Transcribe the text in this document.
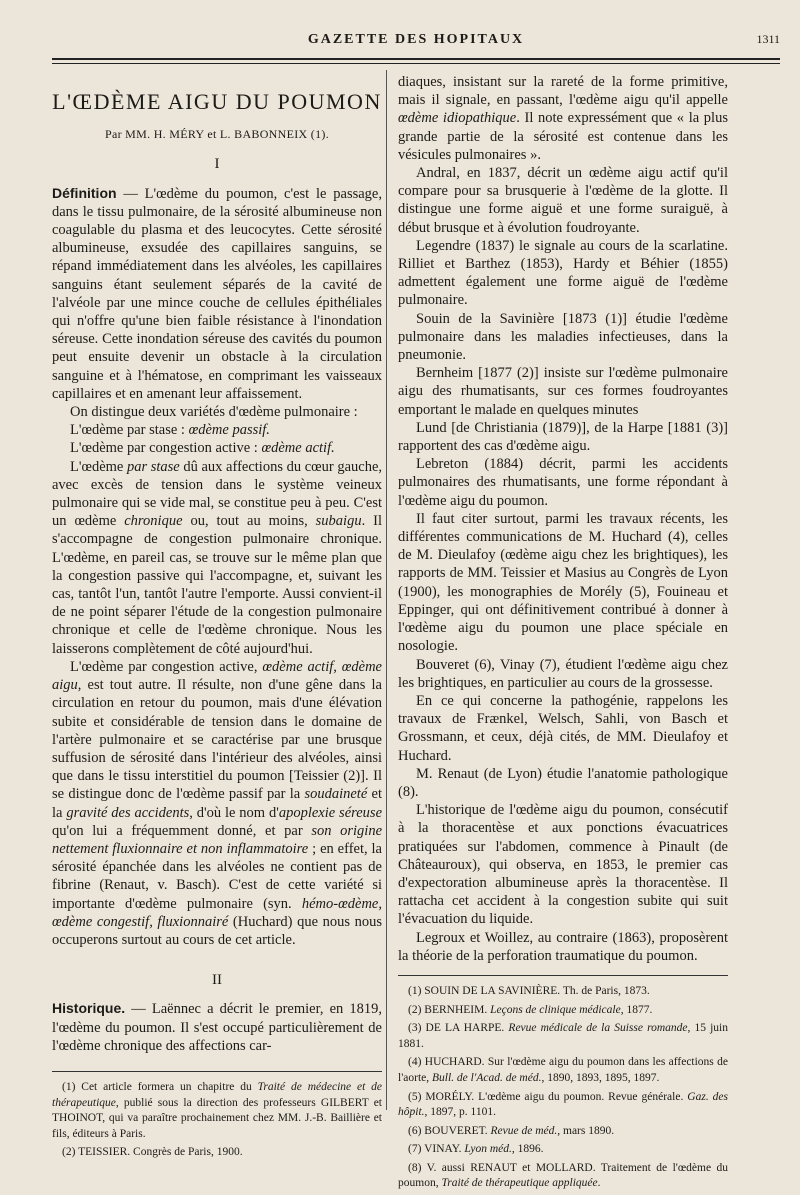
GAZETTE DES HOPITAUX	1311
L'ŒDÈME AIGU DU POUMON
Par MM. H. MÉRY et L. BABONNEIX (1).
I

Définition — L'œdème du poumon, c'est le passage, dans le tissu pulmonaire, de la sérosité albumineuse non coagulable du plasma et des leucocytes. Cette sérosité albumineuse, exsudée des capillaires sanguins, se répand immédiatement dans les alvéoles, les capillaires sanguins étant seulement séparés de la cavité de l'alvéole par une mince couche de cellules épithéliales qui n'offre qu'une bien faible résistance à l'inondation séreuse. Cette inondation séreuse des cavités du poumon peut ensuite devenir un obstacle à la circulation sanguine et à l'hématose, en comprimant les vaisseaux capillaires et en amenant leur affaissement.

On distingue deux variétés d'œdème pulmonaire :

L'œdème par stase : œdème passif.

L'œdème par congestion active : œdème actif.

L'œdème par stase dû aux affections du cœur gauche, avec excès de tension dans le système veineux pulmonaire qui se vide mal, se constitue peu à peu. C'est un œdème chronique ou, tout au moins, subaigu. Il s'accompagne de congestion pulmonaire chronique. L'œdème, en pareil cas, se trouve sur le même plan que la congestion passive qui l'accompagne, et, suivant les cas, tantôt l'un, tantôt l'autre l'emporte. Aussi convient-il de ne point séparer l'étude de la congestion pulmonaire chronique et celle de l'œdème chronique. Nous les laisserons complètement de côté aujourd'hui.

L'œdème par congestion active, œdème actif, œdème aigu, est tout autre. Il résulte, non d'une gêne dans la circulation en retour du poumon, mais d'une élévation subite et considérable de tension dans le domaine de l'artère pulmonaire et se caractérise par une brusque suffusion de sérosité dans l'intérieur des alvéoles, ainsi que dans le tissu interstitiel du poumon [Teissier (2)]. Il se distingue donc de l'œdème passif par la soudaineté et la gravité des accidents, d'où le nom d'apoplexie séreuse qu'on lui a fréquemment donné, et par son origine nettement fluxionnaire et non inflammatoire ; en effet, la sérosité épanchée dans les alvéoles ne contient pas de fibrine (Renaut, v. Basch). C'est de cette variété si importante d'œdème pulmonaire (syn. hémo-œdème, œdème congestif, fluxionnairé (Huchard) que nous nous occuperons surtout au cours de cet article.

II

Historique. — Laënnec a décrit le premier, en 1819, l'œdème du poumon. Il s'est occupé particulièrement de l'œdème chronique des affections car-

(1) Cet article formera un chapitre du Traité de médecine et de thérapeutique, publié sous la direction des professeurs GILBERT et THOINOT, qui va paraître prochainement chez MM. J.-B. Baillière et fils, éditeurs à Paris.

(2) TEISSIER. Congrès de Paris, 1900.

diaques, insistant sur la rareté de la forme primitive, mais il signale, en passant, l'œdème aigu qu'il appelle œdème idiopathique. Il note expressément que « la plus grande partie de la sérosité est contenue dans les vésicules pulmonaires ».

Andral, en 1837, décrit un œdème aigu actif qu'il compare pour sa brusquerie à l'œdème de la glotte. Il distingue une forme aiguë et une forme suraiguë, à début brusque et à évolution foudroyante.

Legendre (1837) le signale au cours de la scarlatine. Rilliet et Barthez (1853), Hardy et Béhier (1855) admettent également une forme aiguë de l'œdème pulmonaire.

Souin de la Savinière [1873 (1)] étudie l'œdème pulmonaire dans les maladies infectieuses, dans la pneumonie.

Bernheim [1877 (2)] insiste sur l'œdème pulmonaire aigu des rhumatisants, sur ces formes foudroyantes emportant le malade en quelques minutes

Lund [de Christiania (1879)], de la Harpe [1881 (3)] rapportent des cas d'œdème aigu.

Lebreton (1884) décrit, parmi les accidents pulmonaires des rhumatisants, une forme répondant à l'œdème aigu du poumon.

Il faut citer surtout, parmi les travaux récents, les différentes communications de M. Huchard (4), celles de M. Dieulafoy (œdème aigu chez les brightiques), les rapports de MM. Teissier et Masius au Congrès de Lyon (1900), les monographies de Morély (5), Fouineau et Eppinger, qui ont définitivement contribué à donner à l'œdème aigu du poumon une place spéciale en nosologie.

Bouveret (6), Vinay (7), étudient l'œdème aigu chez les brightiques, en particulier au cours de la grossesse.

En ce qui concerne la pathogénie, rappelons les travaux de Frænkel, Welsch, Sahli, von Basch et Grossmann, et ceux, déjà cités, de MM. Dieulafoy et Huchard.

M. Renaut (de Lyon) étudie l'anatomie pathologique (8).

L'historique de l'œdème aigu du poumon, consécutif à la thoracentèse et aux ponctions évacuatrices pratiquées sur l'abdomen, commence à Pinault (de Châteauroux), qui observa, en 1853, le premier cas d'expectoration albumineuse après la thoracentèse. Il rattacha cet accident à la congestion subite qui suit l'évacuation du liquide.

Legroux et Woillez, au contraire (1863), proposèrent la théorie de la perforation traumatique du poumon.

(1) SOUIN DE LA SAVINIÈRE. Th. de Paris, 1873.

(2) BERNHEIM. Leçons de clinique médicale, 1877.

(3) DE LA HARPE. Revue médicale de la Suisse romande, 15 juin 1881.

(4) HUCHARD. Sur l'œdème aigu du poumon dans les affections de l'aorte, Bull. de l'Acad. de méd., 1890, 1893, 1895, 1897.

(5) MORÉLY. L'œdème aigu du poumon. Revue générale. Gaz. des hôpit., 1897, p. 1101.

(6) BOUVERET. Revue de méd., mars 1890.

(7) VINAY. Lyon méd., 1896.

(8) V. aussi RENAUT et MOLLARD. Traitement de l'œdème du poumon, Traité de thérapeutique appliquée.
